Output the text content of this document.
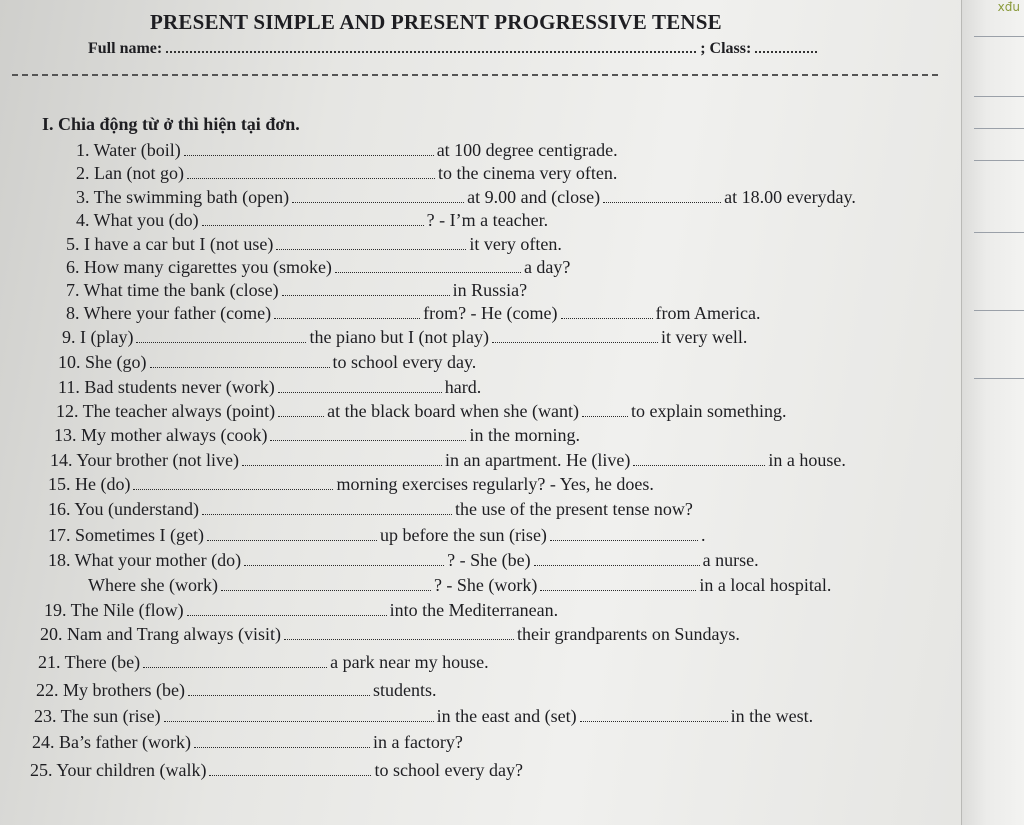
xđu
PRESENT SIMPLE AND PRESENT PROGRESSIVE TENSE
Full name:	; Class:
I. Chia động từ ở thì hiện tại đơn.
1. Water (boil)	at 100 degree centigrade.
2. Lan (not go)	to the cinema very often.
3. The swimming bath (open)	at 9.00 and (close)	at 18.00 everyday.
4. What you (do)	? - I’m a teacher.
5. I have a car but I (not use)	it very often.
6. How many cigarettes you (smoke)	a day?
7. What time the bank (close)	in Russia?
8. Where your father (come)	from? - He (come)	from America.
9. I (play)	the piano but I (not play)	it very well.
10. She (go)	to school every day.
11. Bad students never (work)	hard.
12. The teacher always (point)	at the black board when she (want)	to explain something.
13. My mother always (cook)	in the morning.
14. Your brother (not live)	in an apartment. He (live)	in a house.
15. He (do)	morning exercises regularly? - Yes, he does.
16. You (understand)	the use of the present tense now?
17. Sometimes I (get)	up before the sun (rise)	.
18. What your mother (do)	? - She (be)	a nurse.
Where she (work)	? - She (work)	in a local hospital.
19. The Nile (flow)	into the Mediterranean.
20. Nam and Trang always (visit)	their grandparents on Sundays.
21. There (be)	a park near my house.
22. My brothers (be)	students.
23. The sun (rise)	in the east and (set)	in the west.
24. Ba’s father (work)	in a factory?
25. Your children (walk)	to school every day?
